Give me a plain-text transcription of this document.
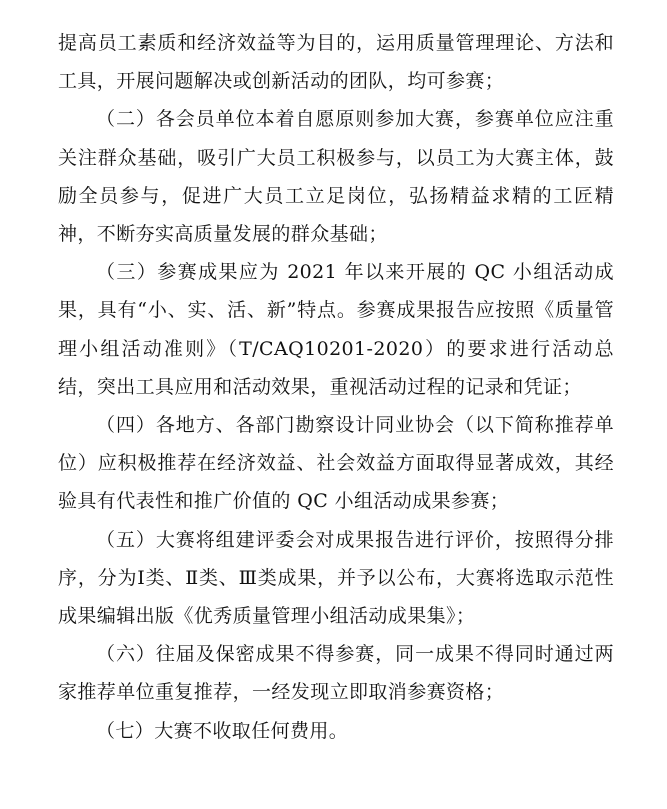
提高员工素质和经济效益等为目的，运用质量管理理论、方法和工具，开展问题解决或创新活动的团队，均可参赛；

（二）各会员单位本着自愿原则参加大赛，参赛单位应注重关注群众基础，吸引广大员工积极参与，以员工为大赛主体，鼓励全员参与，促进广大员工立足岗位，弘扬精益求精的工匠精神，不断夯实高质量发展的群众基础；

（三）参赛成果应为 2021 年以来开展的 QC 小组活动成果，具有“小、实、活、新”特点。参赛成果报告应按照《质量管理小组活动准则》（T/CAQ10201-2020）的要求进行活动总结，突出工具应用和活动效果，重视活动过程的记录和凭证；

（四）各地方、各部门勘察设计同业协会（以下简称推荐单位）应积极推荐在经济效益、社会效益方面取得显著成效，其经验具有代表性和推广价值的 QC 小组活动成果参赛；

（五）大赛将组建评委会对成果报告进行评价，按照得分排序，分为Ⅰ类、Ⅱ类、Ⅲ类成果，并予以公布，大赛将选取示范性成果编辑出版《优秀质量管理小组活动成果集》；

（六）往届及保密成果不得参赛，同一成果不得同时通过两家推荐单位重复推荐，一经发现立即取消参赛资格；

（七）大赛不收取任何费用。
